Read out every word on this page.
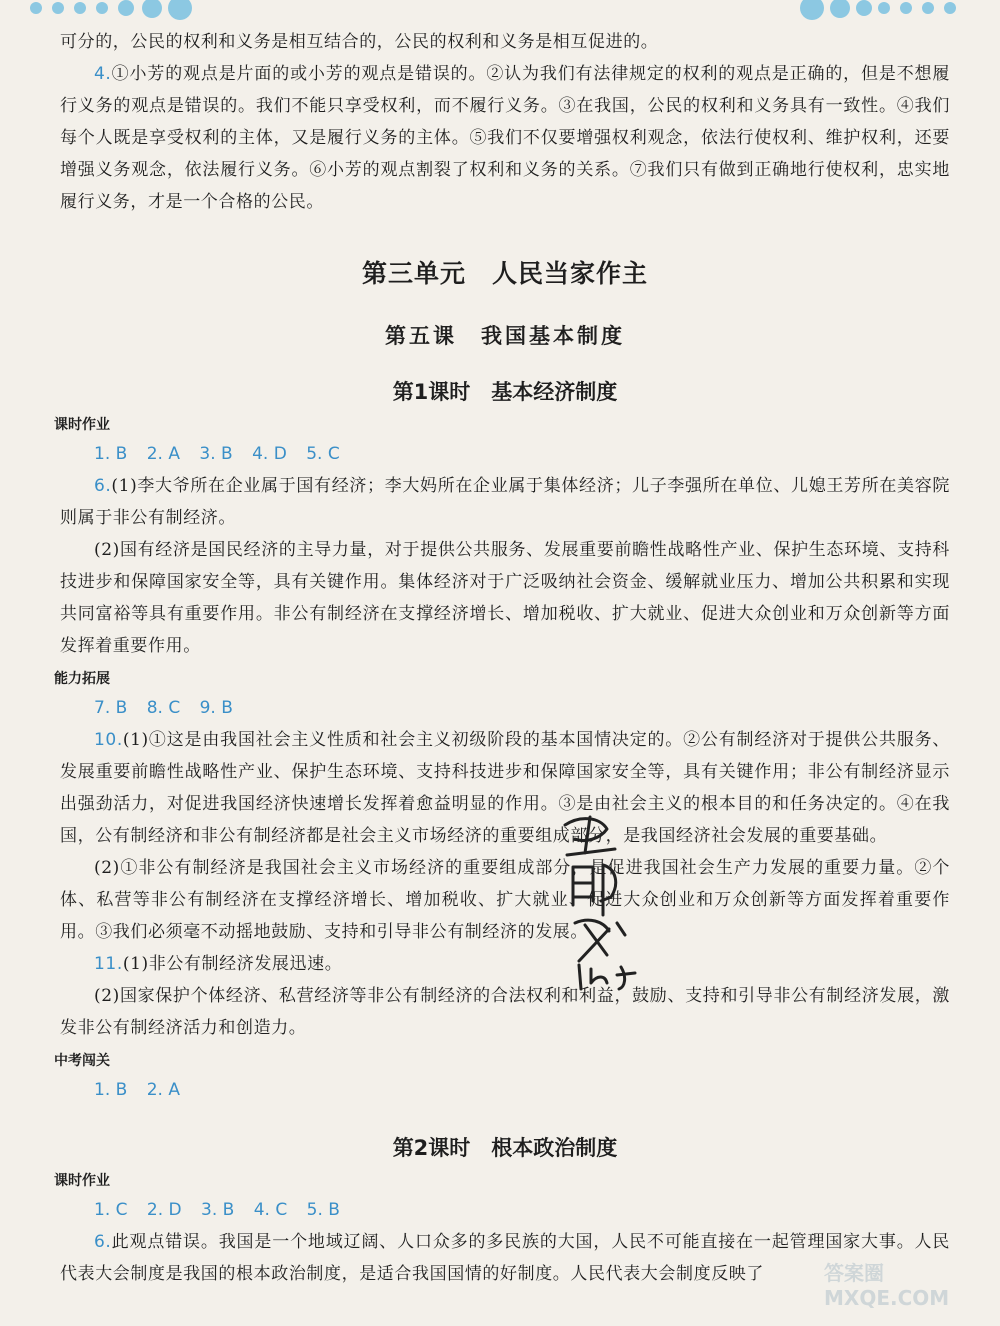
可分的，公民的权利和义务是相互结合的，公民的权利和义务是相互促进的。

4.①小芳的观点是片面的或小芳的观点是错误的。②认为我们有法律规定的权利的观点是正确的，但是不想履行义务的观点是错误的。我们不能只享受权利，而不履行义务。③在我国，公民的权利和义务具有一致性。④我们每个人既是享受权利的主体，又是履行义务的主体。⑤我们不仅要增强权利观念，依法行使权利、维护权利，还要增强义务观念，依法履行义务。⑥小芳的观点割裂了权利和义务的关系。⑦我们只有做到正确地行使权利，忠实地履行义务，才是一个合格的公民。

第三单元　人民当家作主
第五课　我国基本制度
第1课时　基本经济制度
课时作业
1. B 2. A 3. B 4. D 5. C

6.(1)李大爷所在企业属于国有经济；李大妈所在企业属于集体经济；儿子李强所在单位、儿媳王芳所在美容院则属于非公有制经济。

(2)国有经济是国民经济的主导力量，对于提供公共服务、发展重要前瞻性战略性产业、保护生态环境、支持科技进步和保障国家安全等，具有关键作用。集体经济对于广泛吸纳社会资金、缓解就业压力、增加公共积累和实现共同富裕等具有重要作用。非公有制经济在支撑经济增长、增加税收、扩大就业、促进大众创业和万众创新等方面发挥着重要作用。

能力拓展
7. B 8. C 9. B

10.(1)①这是由我国社会主义性质和社会主义初级阶段的基本国情决定的。②公有制经济对于提供公共服务、发展重要前瞻性战略性产业、保护生态环境、支持科技进步和保障国家安全等，具有关键作用；非公有制经济显示出强劲活力，对促进我国经济快速增长发挥着愈益明显的作用。③是由社会主义的根本目的和任务决定的。④在我国，公有制经济和非公有制经济都是社会主义市场经济的重要组成部分，是我国经济社会发展的重要基础。

(2)①非公有制经济是我国社会主义市场经济的重要组成部分，是促进我国社会生产力发展的重要力量。②个体、私营等非公有制经济在支撑经济增长、增加税收、扩大就业、促进大众创业和万众创新等方面发挥着重要作用。③我们必须毫不动摇地鼓励、支持和引导非公有制经济的发展。

11.(1)非公有制经济发展迅速。

(2)国家保护个体经济、私营经济等非公有制经济的合法权利和利益，鼓励、支持和引导非公有制经济发展，激发非公有制经济活力和创造力。

中考闯关
1. B 2. A
第2课时　根本政治制度
课时作业
1. C 2. D 3. B 4. C 5. B

6.此观点错误。我国是一个地域辽阔、人口众多的多民族的大国，人民不可能直接在一起管理国家大事。人民代表大会制度是我国的根本政治制度，是适合我国国情的好制度。人民代表大会制度反映了	答案圈 MXQE.COM
